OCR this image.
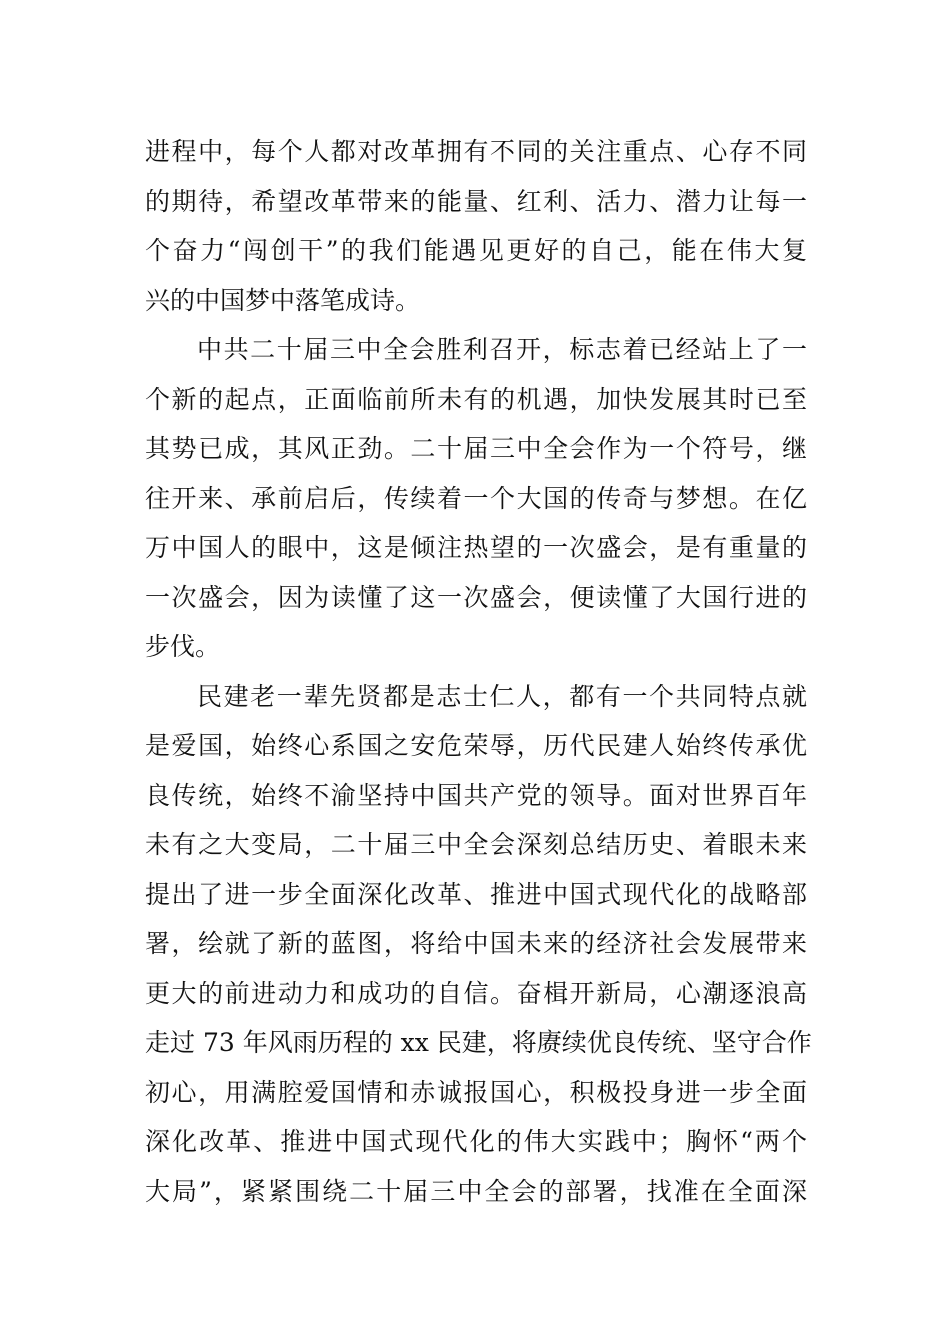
进程中，每个人都对改革拥有不同的关注重点、心存不同
的期待，希望改革带来的能量、红利、活力、潜力让每一
个奋力“闯创干”的我们能遇见更好的自己，能在伟大复
兴的中国梦中落笔成诗。
中共二十届三中全会胜利召开，标志着已经站上了一
个新的起点，正面临前所未有的机遇，加快发展其时已至
其势已成，其风正劲。二十届三中全会作为一个符号，继
往开来、承前启后，传续着一个大国的传奇与梦想。在亿
万中国人的眼中，这是倾注热望的一次盛会，是有重量的
一次盛会，因为读懂了这一次盛会，便读懂了大国行进的
步伐。
民建老一辈先贤都是志士仁人，都有一个共同特点就
是爱国，始终心系国之安危荣辱，历代民建人始终传承优
良传统，始终不渝坚持中国共产党的领导。面对世界百年
未有之大变局，二十届三中全会深刻总结历史、着眼未来
提出了进一步全面深化改革、推进中国式现代化的战略部
署，绘就了新的蓝图，将给中国未来的经济社会发展带来
更大的前进动力和成功的自信。奋楫开新局，心潮逐浪高
走过 73 年风雨历程的 xx 民建，将赓续优良传统、坚守合作
初心，用满腔爱国情和赤诚报国心，积极投身进一步全面
深化改革、推进中国式现代化的伟大实践中；胸怀“两个
大局”，紧紧围绕二十届三中全会的部署，找准在全面深
